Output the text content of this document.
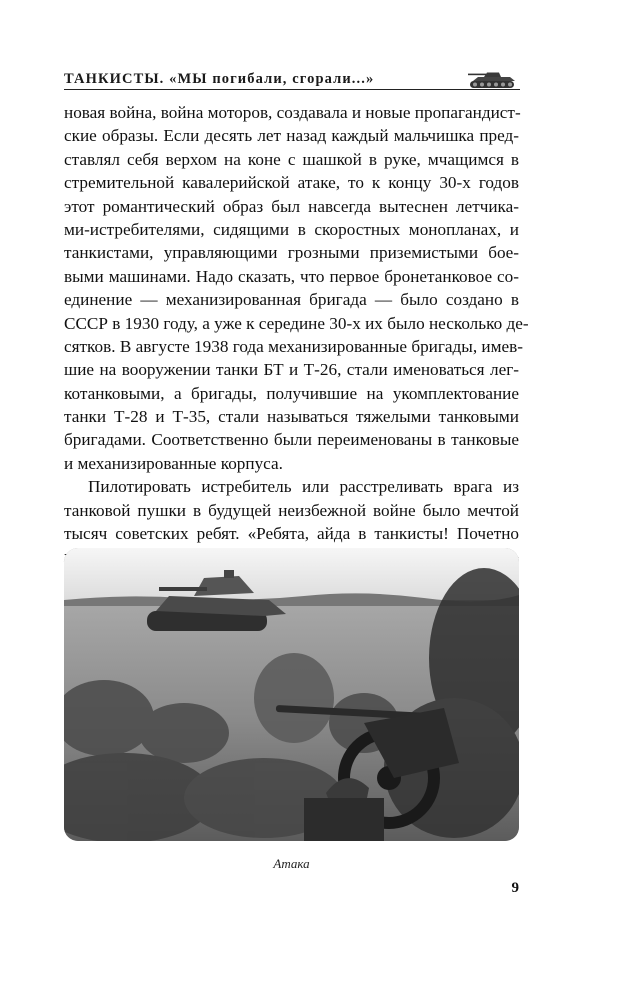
ТАНКИСТЫ. «МЫ погибали, сгорали...»
новая война, война моторов, создавала и новые пропагандист-
ские образы. Если десять лет назад каждый мальчишка пред-
ставлял себя верхом на коне с шашкой в руке, мчащимся в
стремительной кавалерийской атаке, то к концу 30-х годов
этот романтический образ был навсегда вытеснен летчика-
ми-истребителями, сидящими в скоростных монопланах, и
танкистами, управляющими грозными приземистыми боe-
выми машинами. Надо сказать, что первое бронетанковое со-
единение — механизированная бригада — было создано в
СССР в 1930 году, а уже к середине 30-х их было несколько де-
сятков. В августе 1938 года механизированные бригады, имев-
шие на вооружении танки БТ и Т-26, стали именоваться лег-
котанковыми, а бригады, получившие на укомплектование
танки Т-28 и Т-35, стали называться тяжелыми танковыми
бригадами. Соответственно были переименованы в танковые
и механизированные корпуса.
Пилотировать истребитель или расстреливать врага из
танковой пушки в будущей неизбежной войне было мечтой
тысяч советских ребят. «Ребята, айда в танкисты! Почетно
Атака
9
